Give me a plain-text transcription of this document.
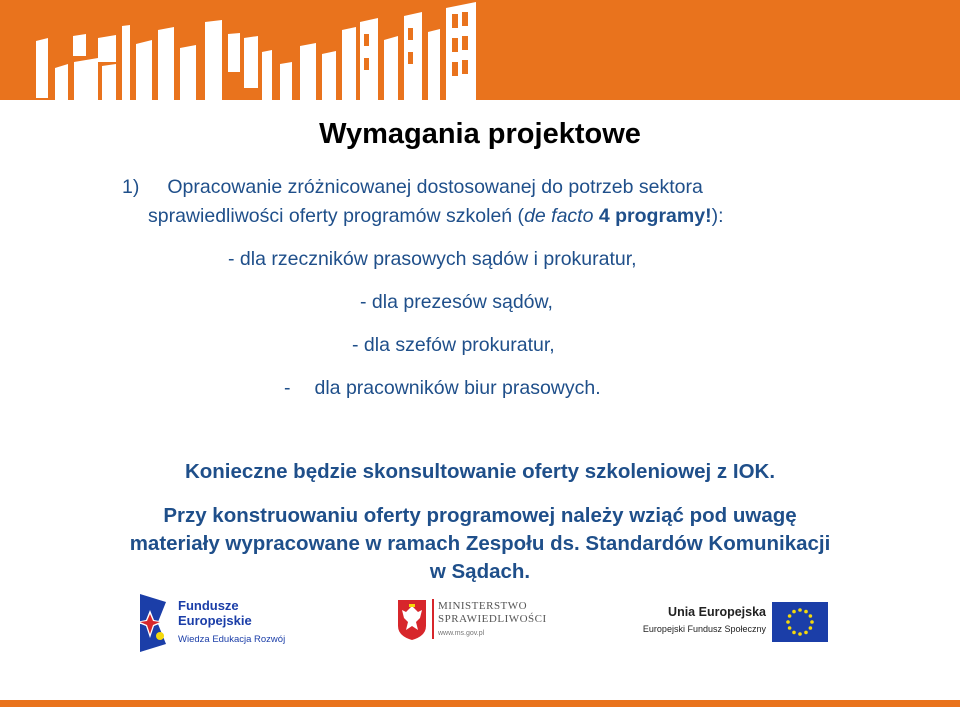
Wymagania projektowe
1) Opracowanie zróżnicowanej dostosowanej do potrzeb sektora
sprawiedliwości oferty programów szkoleń (de facto 4 programy!):
- dla rzeczników prasowych sądów i prokuratur,
- dla prezesów sądów,
- dla szefów prokuratur,
- dla pracowników biur prasowych.
Konieczne będzie skonsultowanie oferty szkoleniowej z IOK.
Przy konstruowaniu oferty programowej należy wziąć pod uwagę
materiały wypracowane w ramach Zespołu ds. Standardów Komunikacji
w Sądach.
Fundusze
Europejskie
Wiedza Edukacja Rozwój
MINISTERSTWO
SPRAWIEDLIWOŚCI
www.ms.gov.pl
Unia Europejska
Europejski Fundusz Społeczny
